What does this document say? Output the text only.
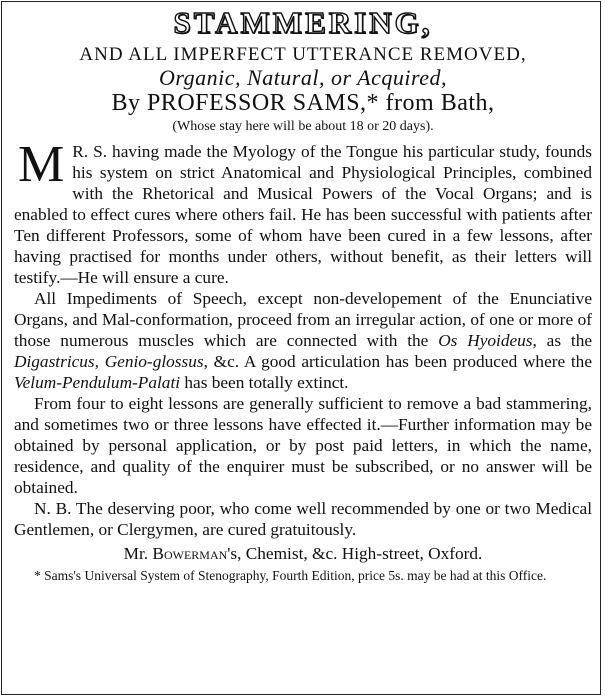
STAMMERING,
AND ALL IMPERFECT UTTERANCE REMOVED,
Organic, Natural, or Acquired,
By PROFESSOR SAMS,* from Bath,
(Whose stay here will be about 18 or 20 days).

M R. S. having made the Myology of the Tongue his particular study, founds his system on strict Anatomical and Physiological Principles, combined with the Rhetorical and Musical Powers of the Vocal Organs; and is enabled to effect cures where others fail. He has been successful with patients after Ten different Professors, some of whom have been cured in a few lessons, after having practised for months under others, without benefit, as their letters will testify.—He will ensure a cure.

All Impediments of Speech, except non-developement of the Enunciative Organs, and Mal-conformation, proceed from an irregular action, of one or more of those numerous muscles which are connected with the Os Hyoideus, as the Digastricus, Genio-glossus, &c. A good articulation has been produced where the Velum-Pendulum-Palati has been totally extinct.

From four to eight lessons are generally sufficient to remove a bad stammering, and sometimes two or three lessons have effected it.—Further information may be obtained by personal application, or by post paid letters, in which the name, residence, and quality of the enquirer must be subscribed, or no answer will be obtained.

N. B. The deserving poor, who come well recommended by one or two Medical Gentlemen, or Clergymen, are cured gratuitously.

Mr. Bowerman's, Chemist, &c. High-street, Oxford.
* Sams's Universal System of Stenography, Fourth Edition, price 5s. may be had at this Office.
